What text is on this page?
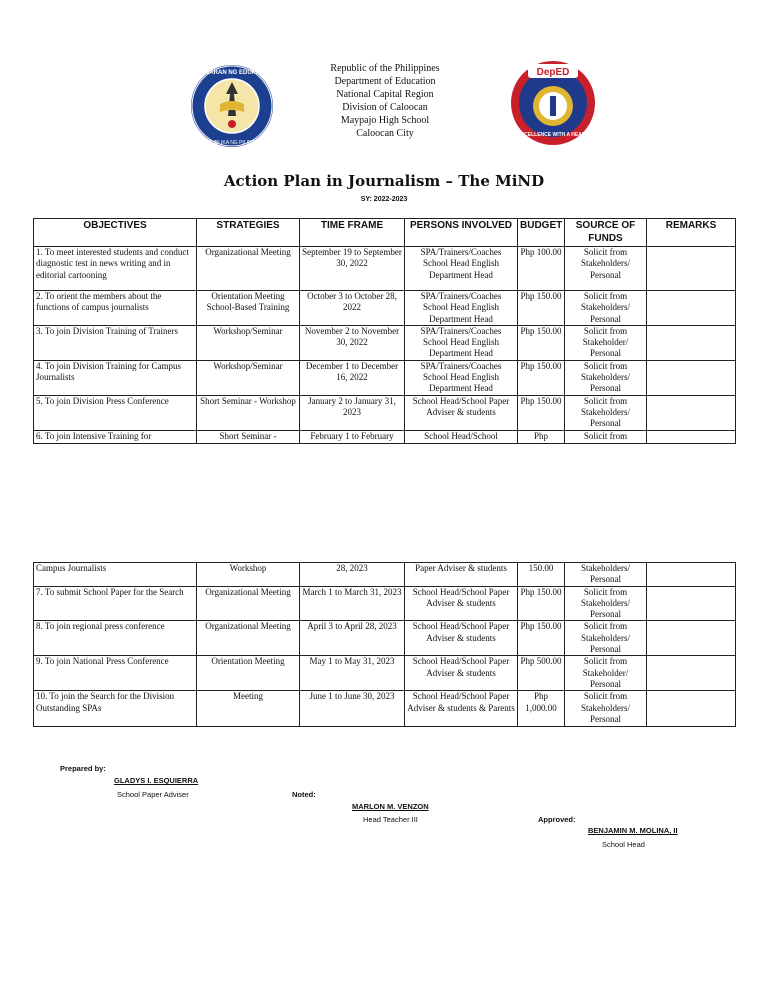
KAGAWARAN NG EDUKASYON
REPUBLIKA NG PILIPINAS
Republic of the Philippines
Department of Education
National Capital Region
Division of Caloocan
Maypajo High School
Caloocan City
DepED
EXCELLENCE WITH A HEART
Action Plan in Journalism – The MiND
SY: 2022-2023
OBJECTIVES	STRATEGIES	TIME FRAME	PERSONS INVOLVED	BUDGET	SOURCE OF FUNDS	REMARKS
1. To meet interested students and conduct diagnostic test in news writing and in editorial cartooning	Organizational Meeting	September 19 to September 30, 2022	SPA/Trainers/Coaches School Head English Department Head	Php 100.00	Solicit from Stakeholders/ Personal	
2. To orient the members about the functions of campus journalists	Orientation Meeting School-Based Training	October 3 to October 28, 2022	SPA/Trainers/Coaches School Head English Department Head	Php 150.00	Solicit from Stakeholders/ Personal	
3. To join Division Training of Trainers	Workshop/Seminar	November 2 to November 30, 2022	SPA/Trainers/Coaches School Head English Department Head	Php 150.00	Solicit from Stakeholder/ Personal	
4. To join Division Training for Campus Journalists	Workshop/Seminar	December 1 to December 16, 2022	SPA/Trainers/Coaches School Head English Department Head	Php 150.00	Solicit from Stakeholders/ Personal	
5. To join Division Press Conference	Short Seminar - Workshop	January 2 to January 31, 2023	School Head/School Paper Adviser & students	Php 150.00	Solicit from Stakeholders/ Personal	
6. To join Intensive Training for	Short Seminar -	February 1 to February	School Head/School	Php	Solicit from	
Campus Journalists	Workshop	28, 2023	Paper Adviser & students	150.00	Stakeholders/ Personal	
7. To submit School Paper for the Search	Organizational Meeting	March 1 to March 31, 2023	School Head/School Paper Adviser & students	Php 150.00	Solicit from Stakeholders/ Personal	
8. To join regional press conference	Organizational Meeting	April 3 to April 28, 2023	School Head/School Paper Adviser & students	Php 150.00	Solicit from Stakeholders/ Personal	
9. To join National Press Conference	Orientation Meeting	May 1 to May 31, 2023	School Head/School Paper Adviser & students	Php 500.00	Solicit from Stakeholder/ Personal	
10. To join the Search for the Division Outstanding SPAs	Meeting	June 1 to June 30, 2023	School Head/School Paper Adviser & students & Parents	Php 1,000.00	Solicit from Stakeholders/ Personal	
Prepared by:
GLADYS I. ESQUIERRA
School Paper Adviser	Noted:
MARLON M. VENZON
Head Teacher III	Approved:
BENJAMIN M. MOLINA, II
School Head
